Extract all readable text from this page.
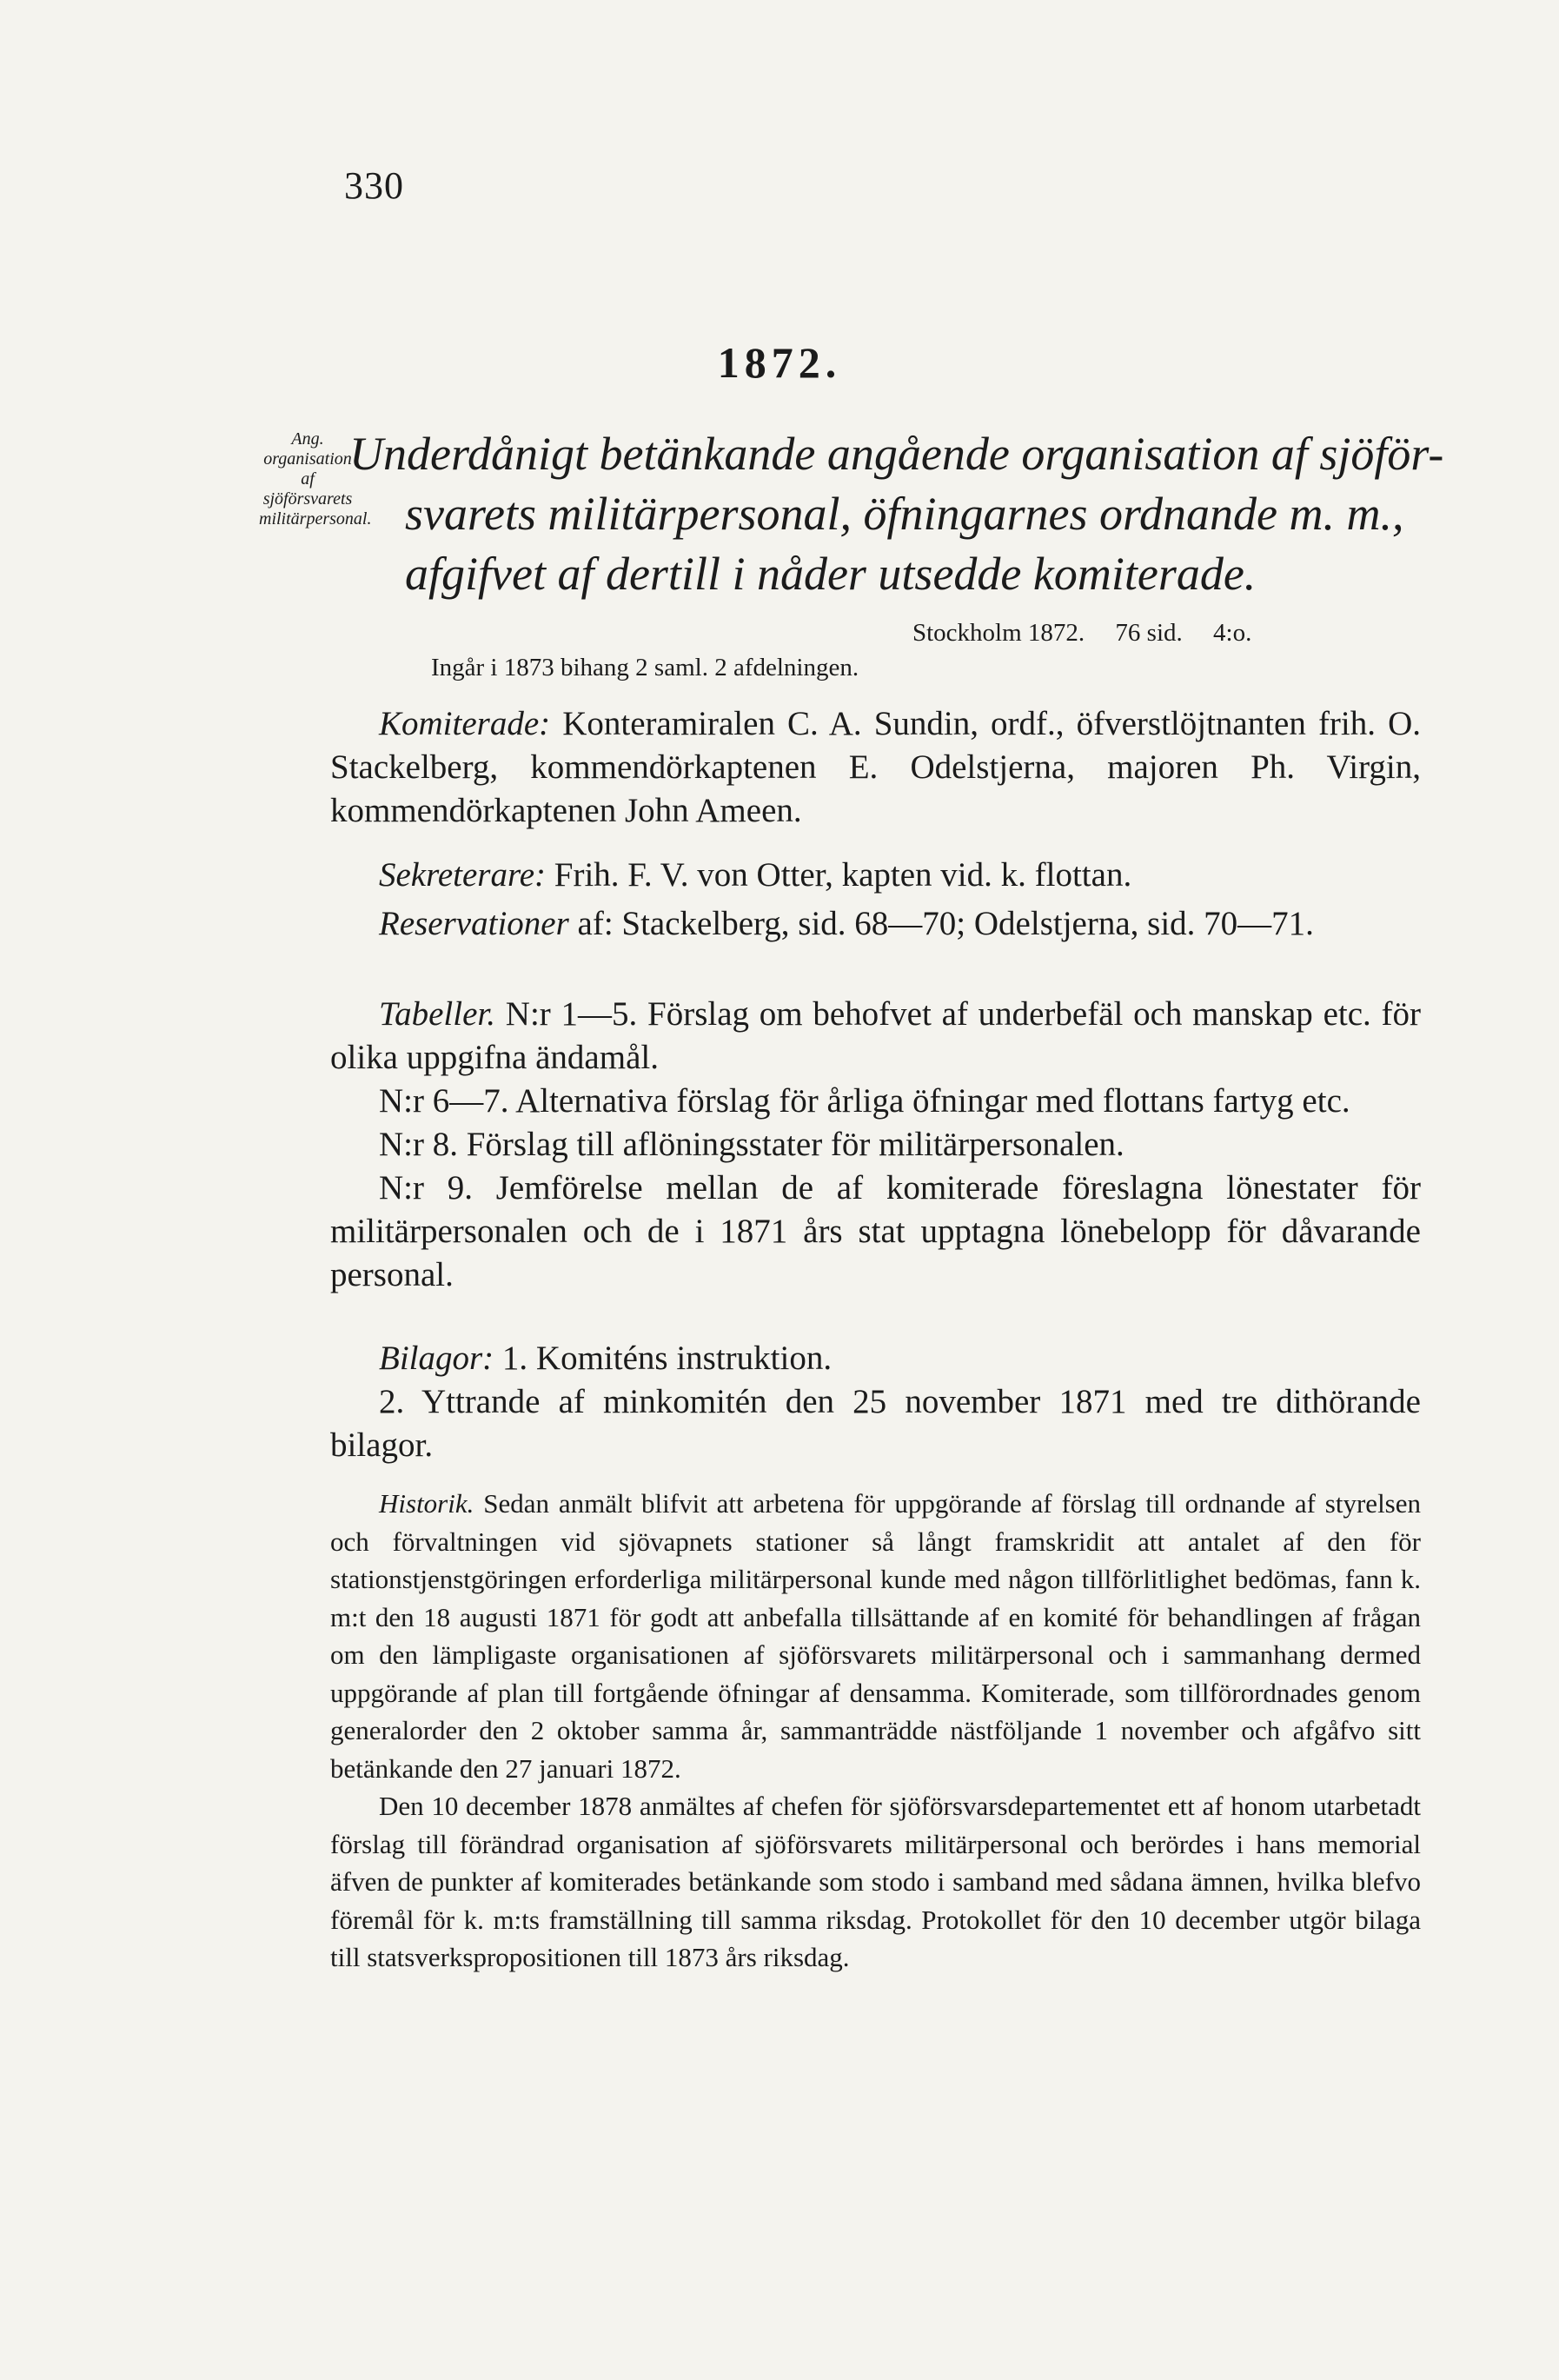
330
1872.
Ang. organisation af sjöförsvarets militärpersonal.
Underdånigt betänkande angående organisation af sjöför-
svarets militärpersonal, öfningarnes ordnande m. m.,
afgifvet af dertill i nåder utsedde komiterade.
Stockholm 1872. 76 sid. 4:o.
Ingår i 1873 bihang 2 saml. 2 afdelningen.

Komiterade: Konteramiralen C. A. Sundin, ordf., öfverstlöjtnanten frih. O. Stackelberg, kommendörkaptenen E. Odelstjerna, majoren Ph. Virgin, kommendörkaptenen John Ameen.

Sekreterare: Frih. F. V. von Otter, kapten vid. k. flottan.

Reservationer af: Stackelberg, sid. 68—70; Odelstjerna, sid. 70—71.

Tabeller. N:r 1—5. Förslag om behofvet af underbefäl och manskap etc. för olika uppgifna ändamål.

N:r 6—7. Alternativa förslag för årliga öfningar med flottans fartyg etc.

N:r 8. Förslag till aflöningsstater för militärpersonalen.

N:r 9. Jemförelse mellan de af komiterade föreslagna lönestater för militärpersonalen och de i 1871 års stat upptagna lönebelopp för dåvarande personal.

Bilagor: 1. Komiténs instruktion.

2. Yttrande af minkomitén den 25 november 1871 med tre dithörande bilagor.

Historik. Sedan anmält blifvit att arbetena för uppgörande af förslag till ordnande af styrelsen och förvaltningen vid sjövapnets stationer så långt framskridit att antalet af den för stationstjenstgöringen erforderliga militärpersonal kunde med någon tillförlitlighet bedömas, fann k. m:t den 18 augusti 1871 för godt att anbefalla tillsättande af en komité för behandlingen af frågan om den lämpligaste organisationen af sjöförsvarets militärpersonal och i sammanhang dermed uppgörande af plan till fortgående öfningar af densamma. Komiterade, som tillförordnades genom generalorder den 2 oktober samma år, sammanträdde nästföljande 1 november och afgåfvo sitt betänkande den 27 januari 1872.

Den 10 december 1878 anmältes af chefen för sjöförsvarsdepartementet ett af honom utarbetadt förslag till förändrad organisation af sjöförsvarets militärpersonal och berördes i hans memorial äfven de punkter af komiterades betänkande som stodo i samband med sådana ämnen, hvilka blefvo föremål för k. m:ts framställning till samma riksdag. Protokollet för den 10 december utgör bilaga till statsverkspropositionen till 1873 års riksdag.
